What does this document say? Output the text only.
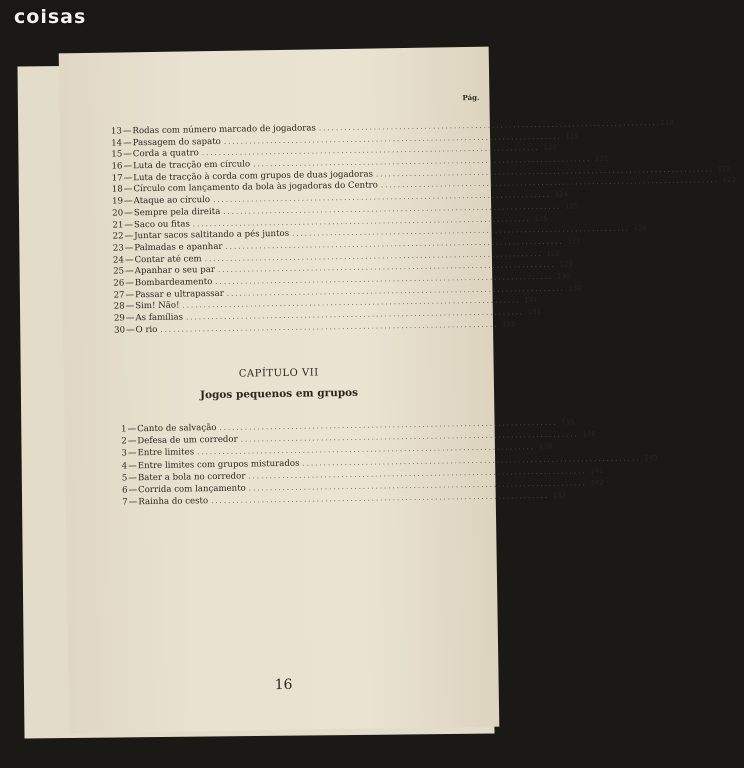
coisas
Pág.
13 — Rodas com número marcado de jogadoras ................................................................................ 118
14 — Passagem do sapato ................................................................................ 119
15 — Corda a quatro ................................................................................ 120
16 — Luta de tracção em círculo ................................................................................ 121
17 — Luta de tracção à corda com grupos de duas jogadoras ................................................................................ 122
18 — Círculo com lançamento da bola às jogadoras do Centro ................................................................................ 123
19 — Ataque ao círculo ................................................................................ 124
20 — Sempre pela direita ................................................................................ 125
21 — Saco ou fitas ................................................................................ 125
22 — Juntar sacos saltitando a pés juntos ................................................................................ 126
23 — Palmadas e apanhar ................................................................................ 127
24 — Contar até cem ................................................................................ 128
25 — Apanhar o seu par ................................................................................ 129
26 — Bombardeamento ................................................................................ 130
27 — Passar e ultrapassar ................................................................................ 130
28 — Sim! Não! ................................................................................ 131
29 — As famílias ................................................................................ 131
30 — O rio ................................................................................ 132
CAPÍTULO VII
Jogos pequenos em grupos
1 — Canto de salvação ................................................................................ 135
2 — Defesa de um corredor ................................................................................ 136
3 — Entre limites ................................................................................ 138
4 — Entre limites com grupos misturados ................................................................................ 140
5 — Bater a bola no corredor ................................................................................ 141
6 — Corrida com lançamento ................................................................................ 142
7 — Rainha do cesto ................................................................................ 143
16
